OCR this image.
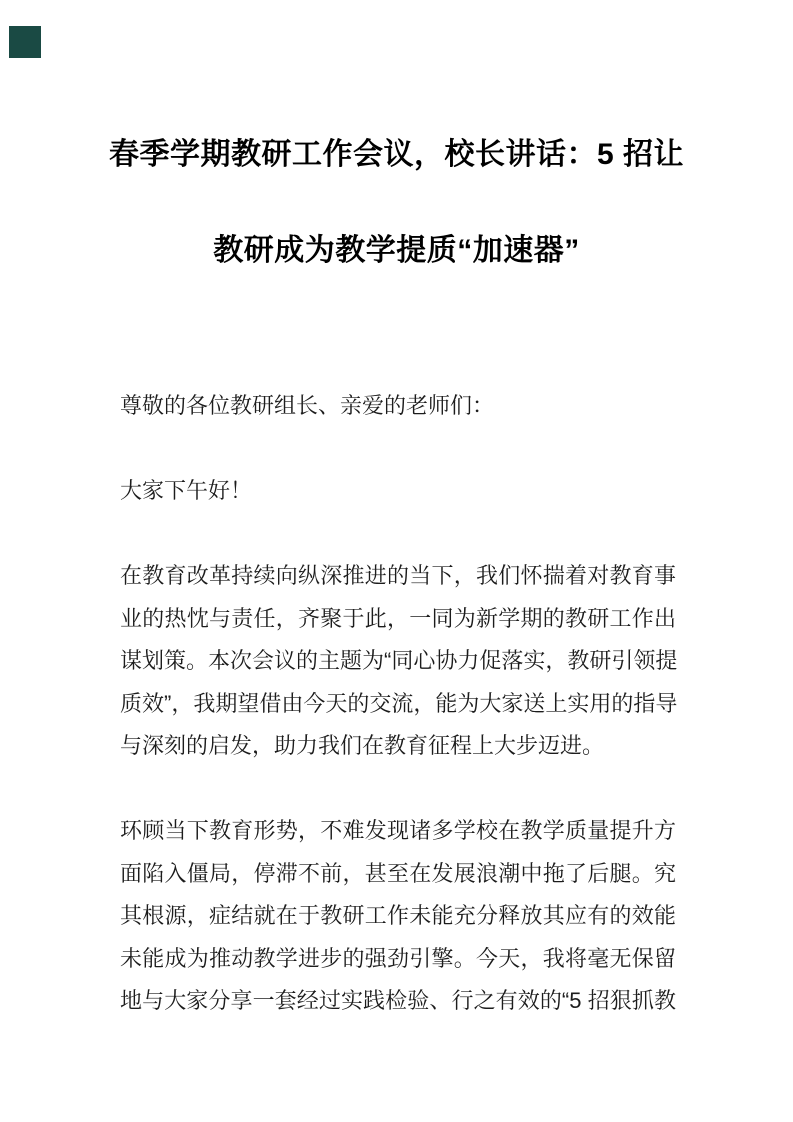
春季学期教研工作会议，校长讲话：5 招让
教研成为教学提质“加速器”
尊敬的各位教研组长、亲爱的老师们：
大家下午好！
在教育改革持续向纵深推进的当下，我们怀揣着对教育事
业的热忱与责任，齐聚于此，一同为新学期的教研工作出
谋划策。本次会议的主题为“同心协力促落实，教研引领提
质效”，我期望借由今天的交流，能为大家送上实用的指导
与深刻的启发，助力我们在教育征程上大步迈进。
环顾当下教育形势，不难发现诸多学校在教学质量提升方
面陷入僵局，停滞不前，甚至在发展浪潮中拖了后腿。究
其根源，症结就在于教研工作未能充分释放其应有的效能
未能成为推动教学进步的强劲引擎。今天，我将毫无保留
地与大家分享一套经过实践检验、行之有效的“5 招狠抓教
